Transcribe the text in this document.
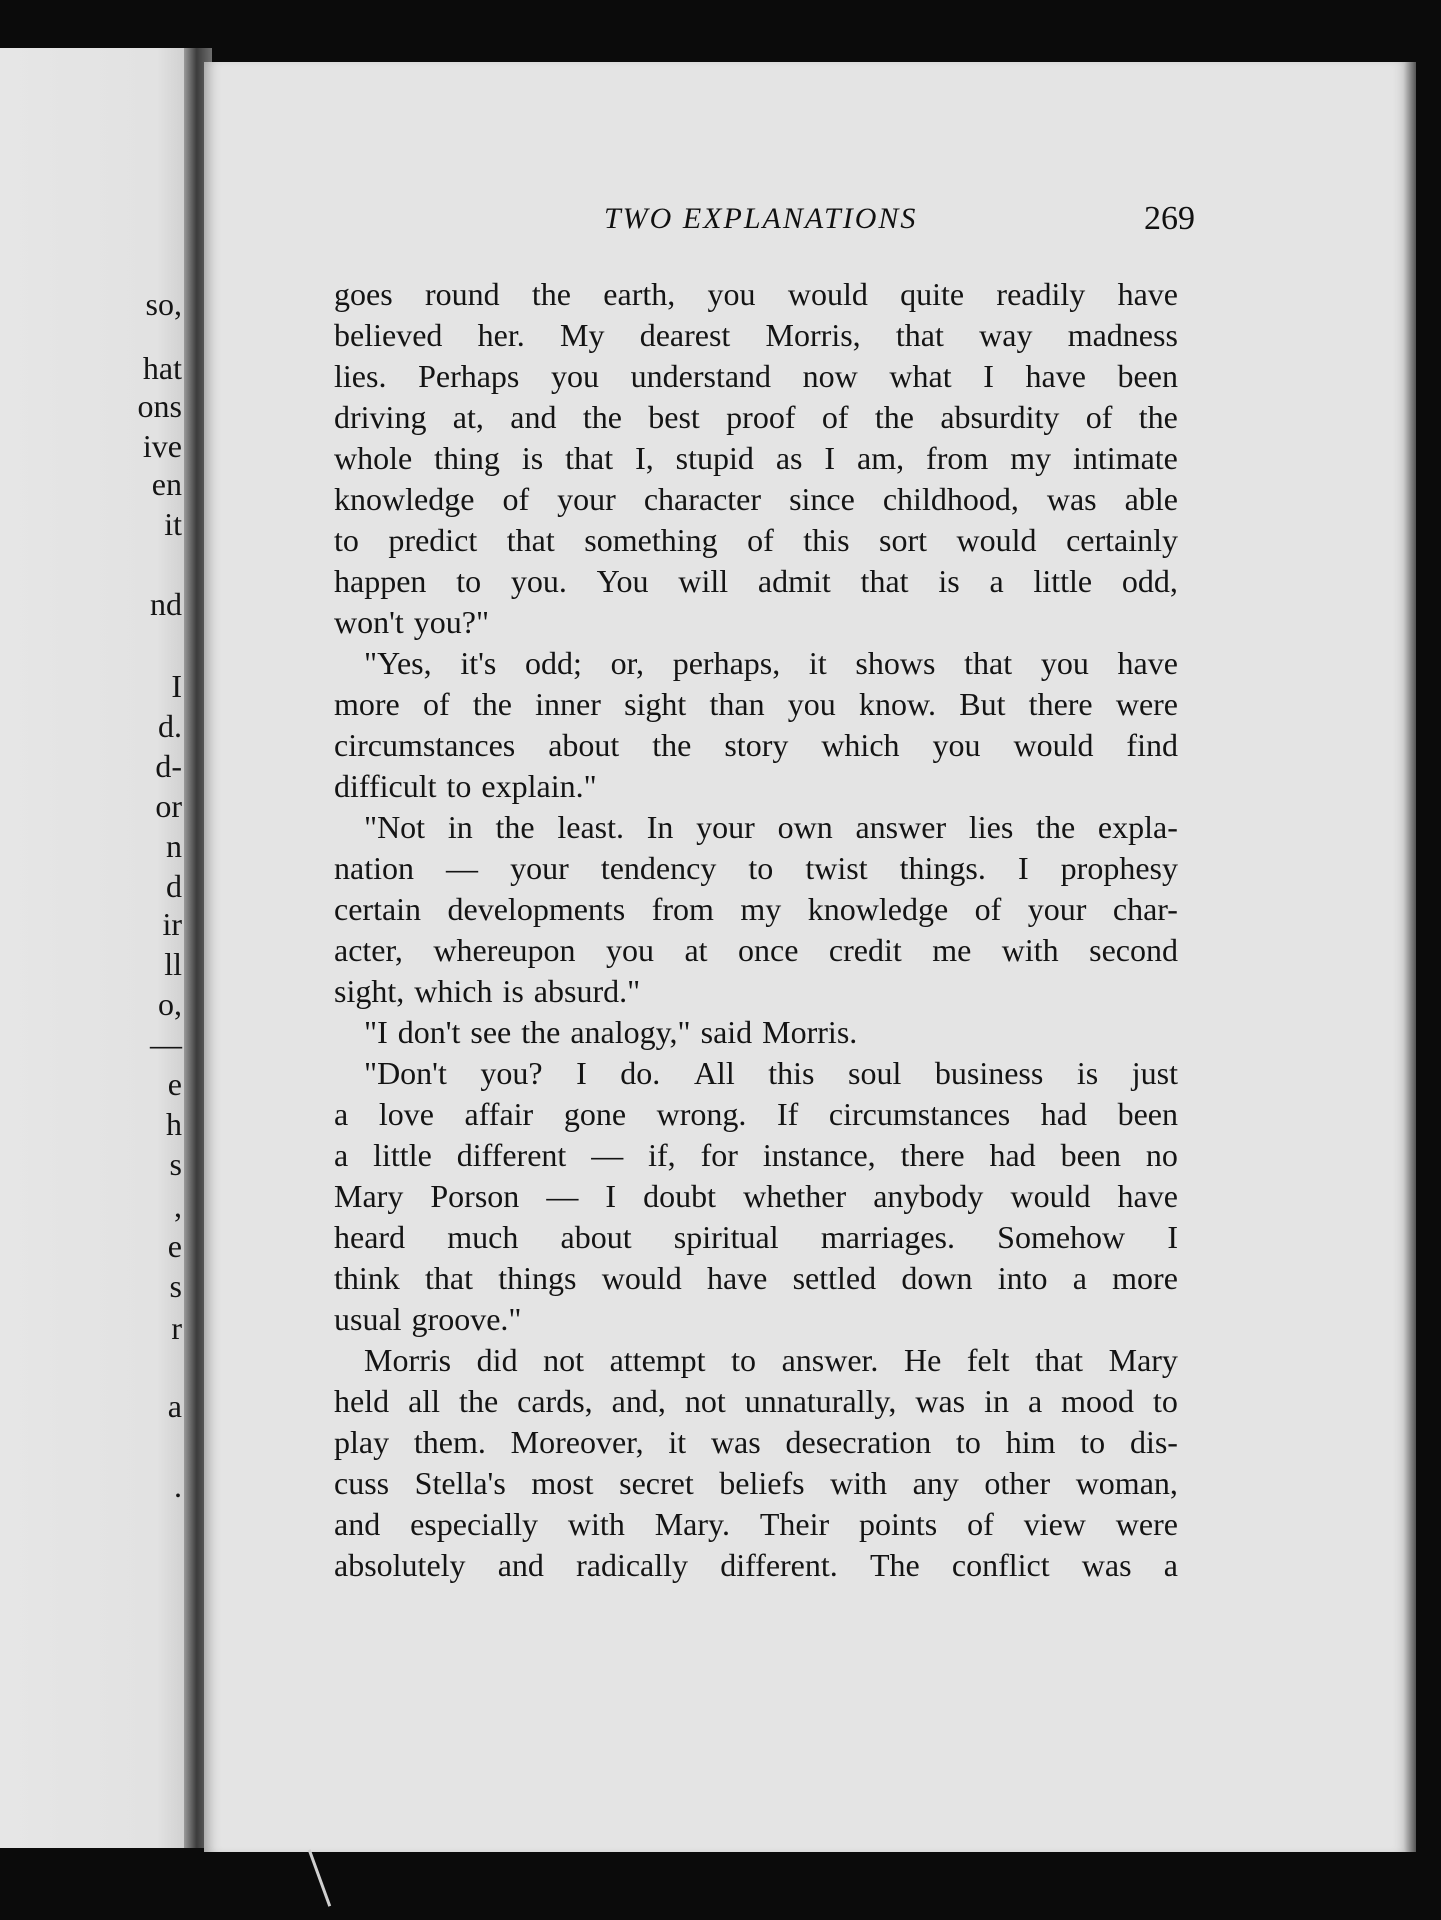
so,
hat
ons
ive
en
it
nd
I
d.
d-
or
n
d
ir
ll
o,
—
e
h
s
,
e
s
r
a
.
TWO EXPLANATIONS	269
goes round the earth, you would quite readily have
believed her. My dearest Morris, that way madness
lies. Perhaps you understand now what I have been
driving at, and the best proof of the absurdity of the
whole thing is that I, stupid as I am, from my intimate
knowledge of your character since childhood, was able
to predict that something of this sort would certainly
happen to you. You will admit that is a little odd,
won't you?"
"Yes, it's odd; or, perhaps, it shows that you have
more of the inner sight than you know. But there were
circumstances about the story which you would find
difficult to explain."
"Not in the least. In your own answer lies the expla-
nation — your tendency to twist things. I prophesy
certain developments from my knowledge of your char-
acter, whereupon you at once credit me with second
sight, which is absurd."
"I don't see the analogy," said Morris.
"Don't you? I do. All this soul business is just
a love affair gone wrong. If circumstances had been
a little different — if, for instance, there had been no
Mary Porson — I doubt whether anybody would have
heard much about spiritual marriages. Somehow I
think that things would have settled down into a more
usual groove."
Morris did not attempt to answer. He felt that Mary
held all the cards, and, not unnaturally, was in a mood to
play them. Moreover, it was desecration to him to dis-
cuss Stella's most secret beliefs with any other woman,
and especially with Mary. Their points of view were
absolutely and radically different. The conflict was a
